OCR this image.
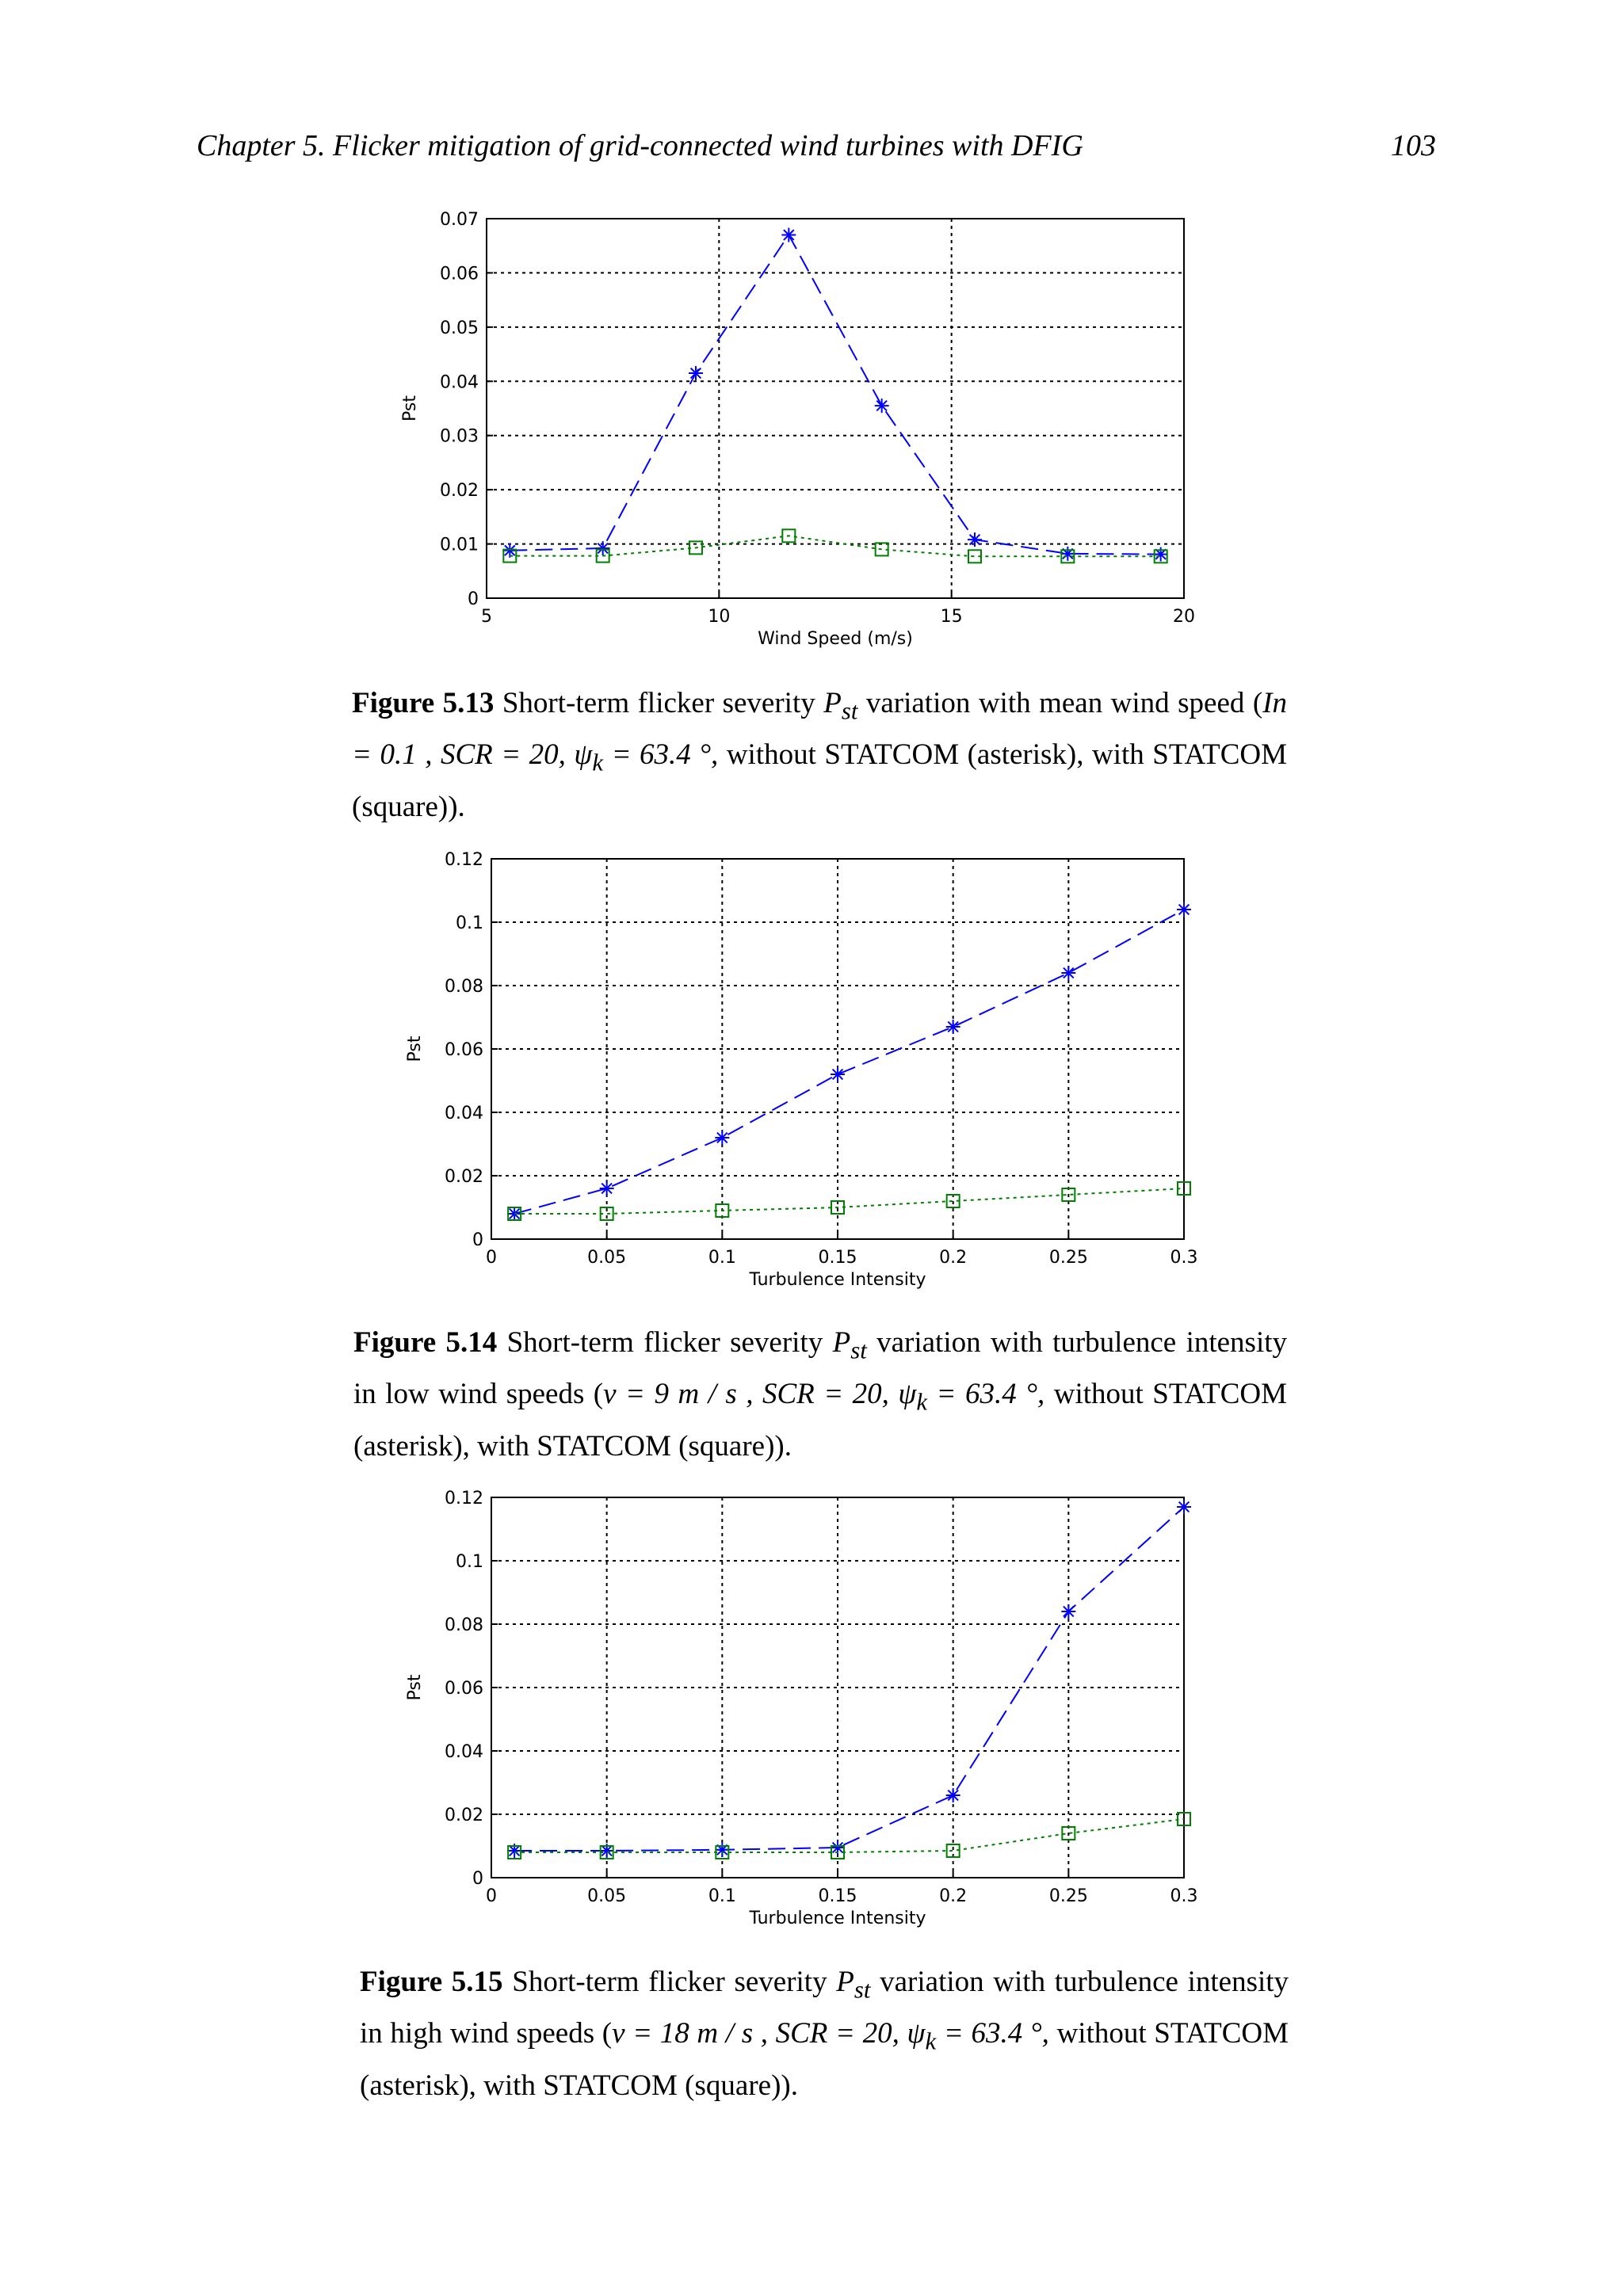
Chapter 5. Flicker mitigation of grid-connected wind turbines with DFIG	103
5	10	15	20
0
0.01
0.02
0.03
0.04
0.05
0.06
0.07
Wind Speed (m/s)
Pst
0	0.05	0.1	0.15	0.2	0.25	0.3
0
0.02
0.04
0.06
0.08
0.1
0.12
Turbulence Intensity
Pst
0	0.05	0.1	0.15	0.2	0.25	0.3
0
0.02
0.04
0.06
0.08
0.1
0.12
Turbulence Intensity
Pst
Figure 5.13 Short-term flicker severity $P_{st}$ variation with mean wind speed (In = 0.1 , SCR = 20, $\psi_k = 63.4$ °, without STATCOM (asterisk), with STATCOM (square)).
Figure 5.14 Short-term flicker severity $P_{st}$ variation with turbulence intensity in low wind speeds (v = 9 m / s , SCR = 20, $\psi_k = 63.4$ °, without STATCOM (asterisk), with STATCOM (square)).
Figure 5.15 Short-term flicker severity $P_{st}$ variation with turbulence intensity in high wind speeds (v = 18 m / s , SCR = 20, $\psi_k = 63.4$ °, without STATCOM (asterisk), with STATCOM (square)).
